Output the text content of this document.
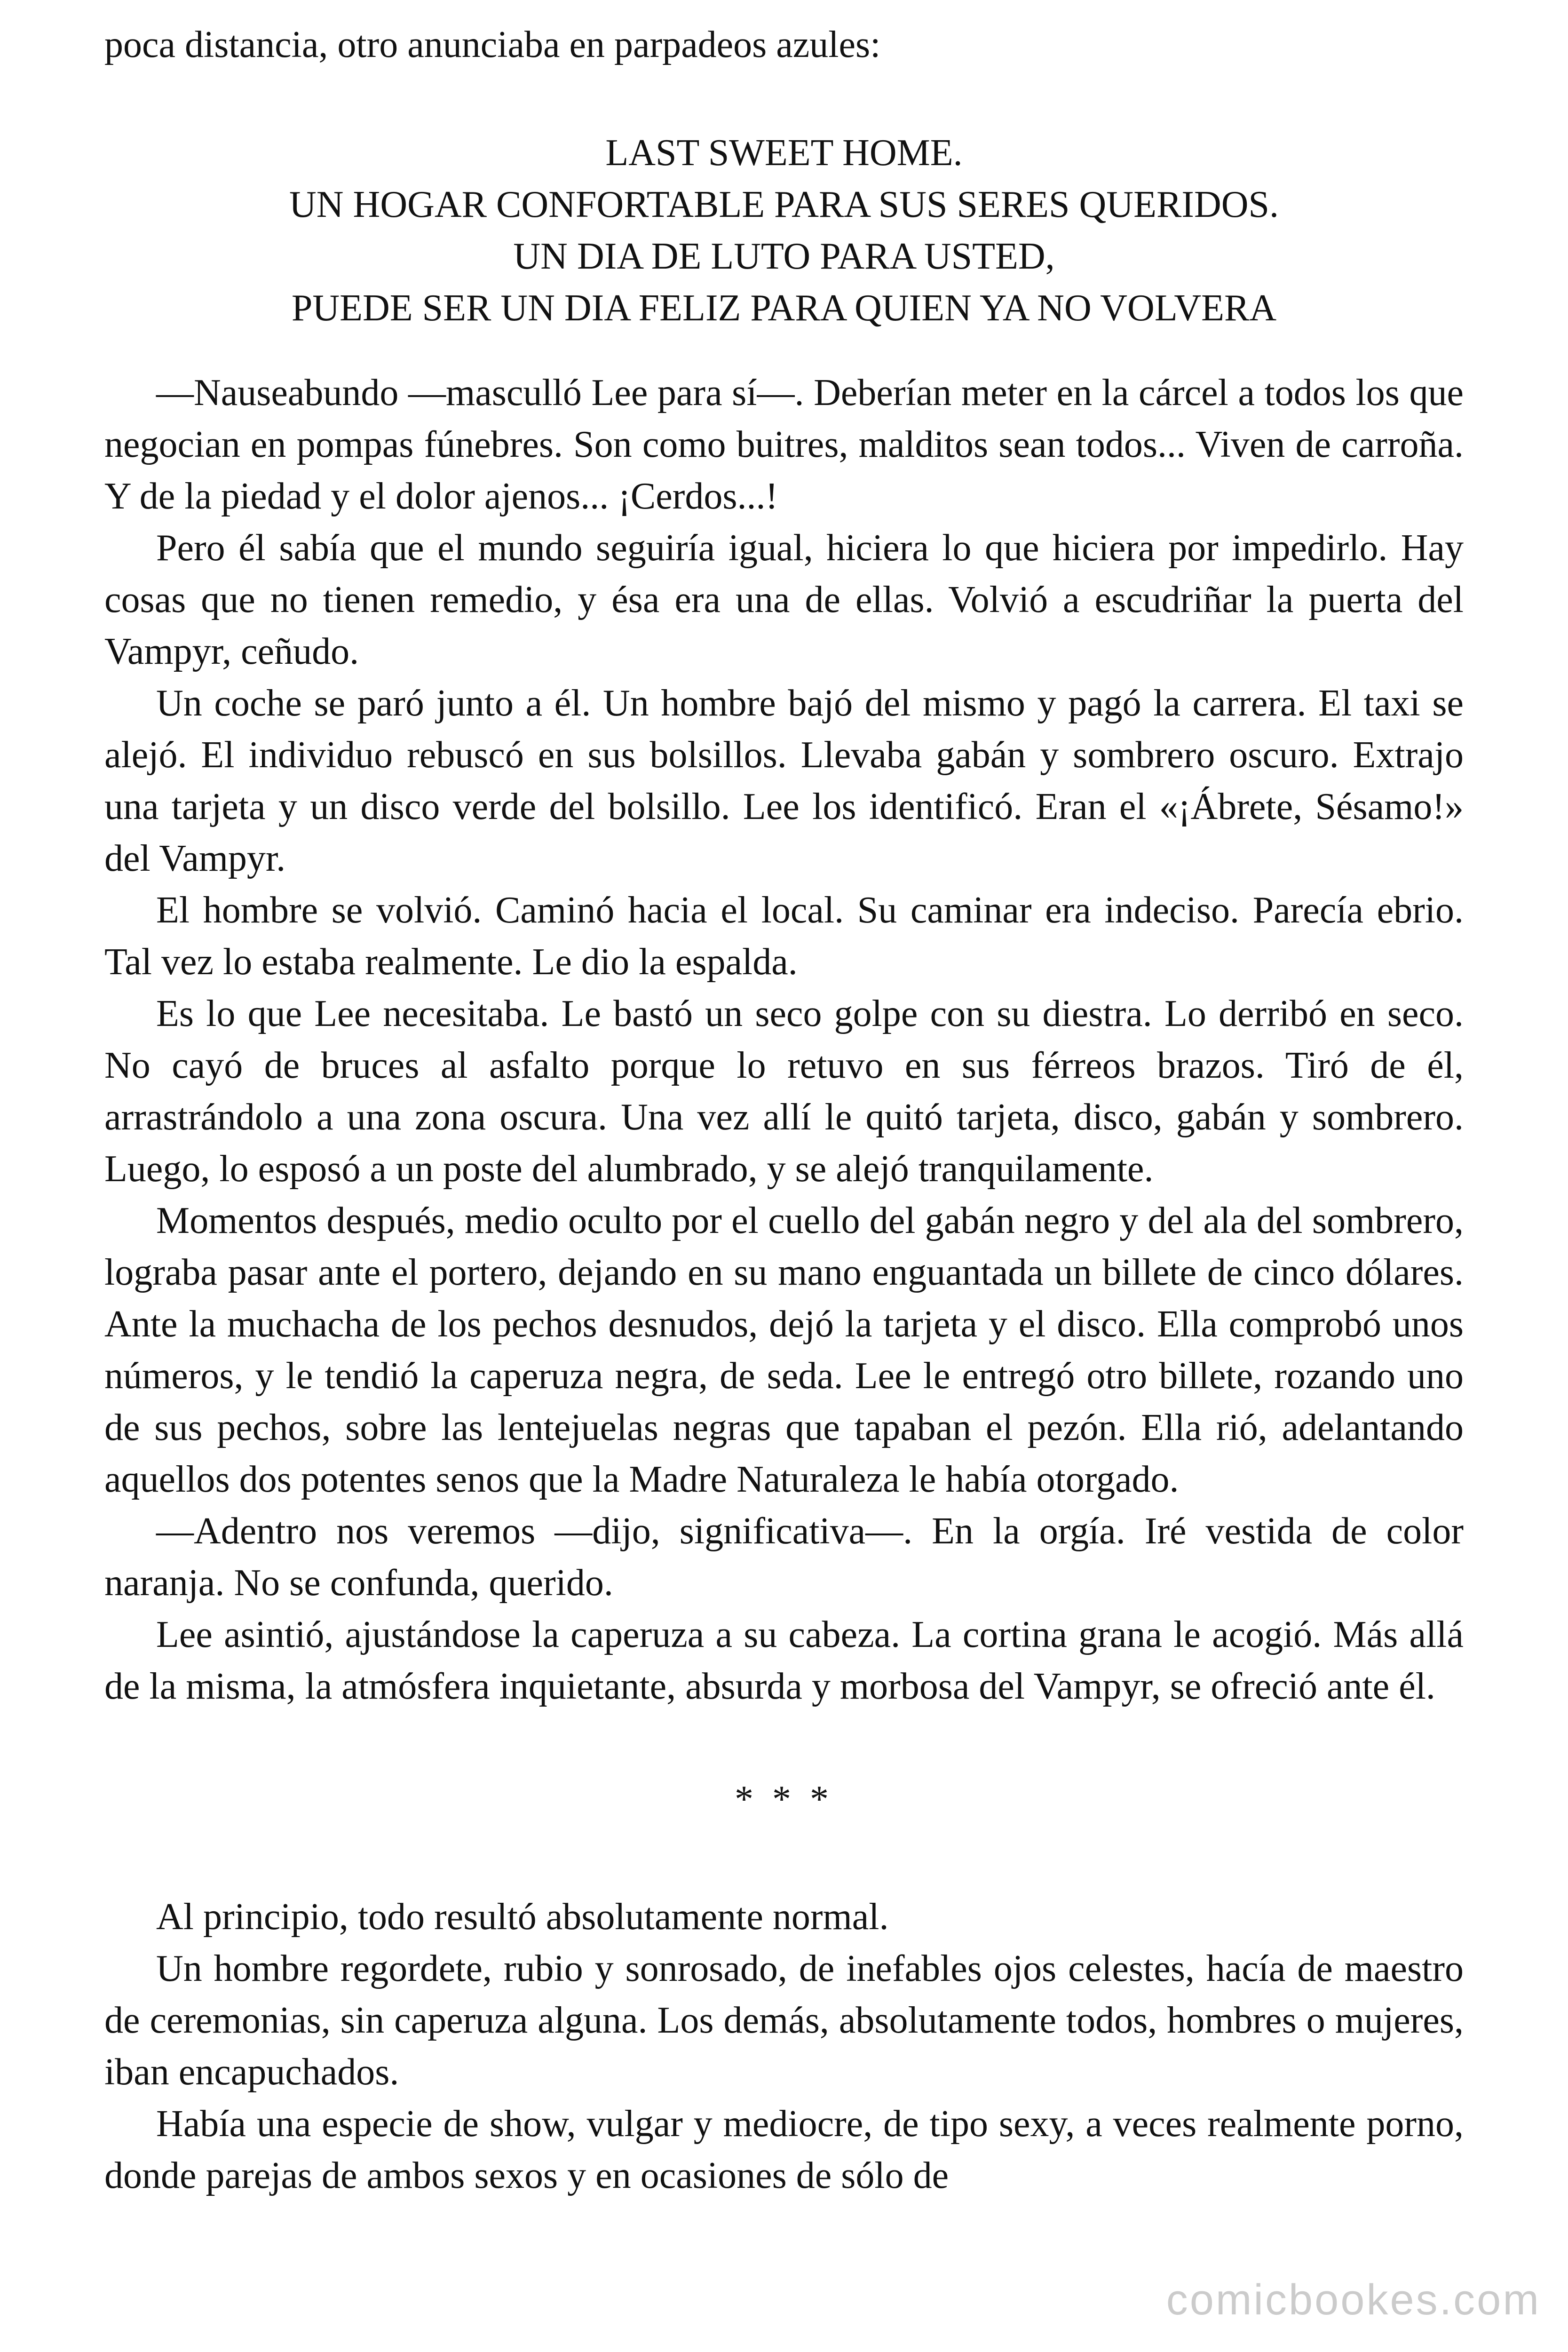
poca distancia, otro anunciaba en parpadeos azules:

LAST SWEET HOME.
UN HOGAR CONFORTABLE PARA SUS SERES QUERIDOS.
UN DIA DE LUTO PARA USTED,
PUEDE SER UN DIA FELIZ PARA QUIEN YA NO VOLVERA

—Nauseabundo —masculló Lee para sí—. Deberían meter en la cárcel a todos los que negocian en pompas fúnebres. Son como buitres, malditos sean todos... Viven de carroña. Y de la piedad y el dolor ajenos... ¡Cerdos...!

Pero él sabía que el mundo seguiría igual, hiciera lo que hiciera por impedirlo. Hay cosas que no tienen remedio, y ésa era una de ellas. Volvió a escudriñar la puerta del Vampyr, ceñudo.

Un coche se paró junto a él. Un hombre bajó del mismo y pagó la carrera. El taxi se alejó. El individuo rebuscó en sus bolsillos. Llevaba gabán y sombrero oscuro. Extrajo una tarjeta y un disco verde del bolsillo. Lee los identificó. Eran el «¡Ábrete, Sésamo!» del Vampyr.

El hombre se volvió. Caminó hacia el local. Su caminar era indeciso. Parecía ebrio. Tal vez lo estaba realmente. Le dio la espalda.

Es lo que Lee necesitaba. Le bastó un seco golpe con su diestra. Lo derribó en seco. No cayó de bruces al asfalto porque lo retuvo en sus férreos brazos. Tiró de él, arrastrándolo a una zona oscura. Una vez allí le quitó tarjeta, disco, gabán y sombrero. Luego, lo esposó a un poste del alumbrado, y se alejó tranquilamente.

Momentos después, medio oculto por el cuello del gabán negro y del ala del sombrero, lograba pasar ante el portero, dejando en su mano enguantada un billete de cinco dólares. Ante la muchacha de los pechos desnudos, dejó la tarjeta y el disco. Ella comprobó unos números, y le tendió la caperuza negra, de seda. Lee le entregó otro billete, rozando uno de sus pechos, sobre las lentejuelas negras que tapaban el pezón. Ella rió, adelantando aquellos dos potentes senos que la Madre Naturaleza le había otorgado.

—Adentro nos veremos —dijo, significativa—. En la orgía. Iré vestida de color naranja. No se confunda, querido.

Lee asintió, ajustándose la caperuza a su cabeza. La cortina grana le acogió. Más allá de la misma, la atmósfera inquietante, absurda y morbosa del Vampyr, se ofreció ante él.

* * *

Al principio, todo resultó absolutamente normal.

Un hombre regordete, rubio y sonrosado, de inefables ojos celestes, hacía de maestro de ceremonias, sin caperuza alguna. Los demás, absolutamente todos, hombres o mujeres, iban encapuchados.

Había una especie de show, vulgar y mediocre, de tipo sexy, a veces realmente porno, donde parejas de ambos sexos y en ocasiones de sólo de

comicbookes.com
